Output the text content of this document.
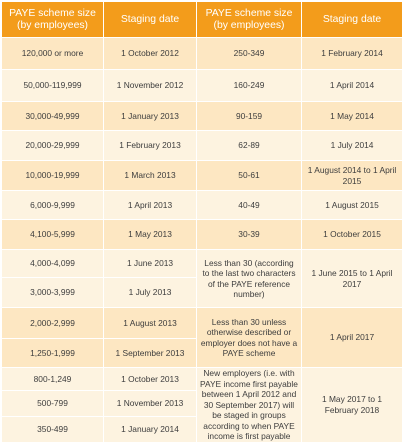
PAYE scheme size (by employees)	Staging date	PAYE scheme size (by employees)	Staging date
120,000 or more	1 October 2012	250-349	1 February 2014
50,000-119,999	1 November 2012	160-249	1 April 2014
30,000-49,999	1 January 2013	90-159	1 May 2014
20,000-29,999	1 February 2013	62-89	1 July 2014
10,000-19,999	1 March 2013	50-61	1 August 2014 to 1 April 2015
6,000-9,999	1 April 2013	40-49	1 August 2015
4,100-5,999	1 May 2013	30-39	1 October 2015
4,000-4,099	1 June 2013	Less than 30 (according to the last two characters of the PAYE reference number)	1 June 2015 to 1 April 2017

3,000-3,999	1 July 2013		
2,000-2,999	1 August 2013	Less than 30 unless otherwise described or employer does not have a PAYE scheme	1 April 2017

1,250-1,999	1 September 2013		
800-1,249	1 October 2013	New employers (i.e. with PAYE income first payable between 1 April 2012 and 30 September 2017) will be staged in groups according to when PAYE income is first payable	1 May 2017 to 1 February 2018

500-799	1 November 2013		
350-499	1 January 2014		
